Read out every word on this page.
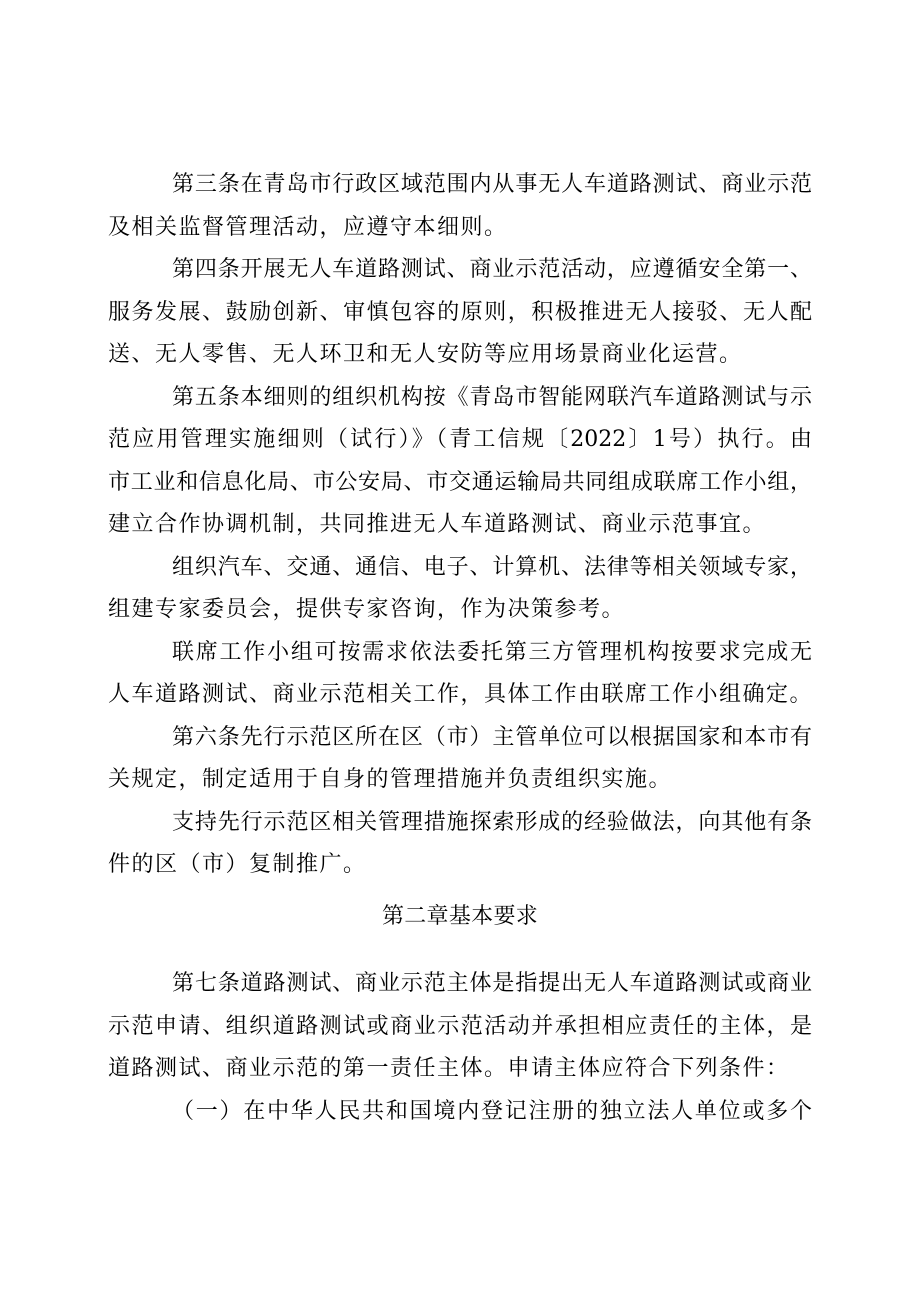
第三条在青岛市行政区域范围内从事无人车道路测试、商业示范
及相关监督管理活动，应遵守本细则。
第四条开展无人车道路测试、商业示范活动，应遵循安全第一、
服务发展、鼓励创新、审慎包容的原则，积极推进无人接驳、无人配
送、无人零售、无人环卫和无人安防等应用场景商业化运营。
第五条本细则的组织机构按《青岛市智能网联汽车道路测试与示
范应用管理实施细则（试行）》（青工信规〔2022〕1号）执行。由
市工业和信息化局、市公安局、市交通运输局共同组成联席工作小组，
建立合作协调机制，共同推进无人车道路测试、商业示范事宜。
组织汽车、交通、通信、电子、计算机、法律等相关领域专家，
组建专家委员会，提供专家咨询，作为决策参考。
联席工作小组可按需求依法委托第三方管理机构按要求完成无
人车道路测试、商业示范相关工作，具体工作由联席工作小组确定。
第六条先行示范区所在区（市）主管单位可以根据国家和本市有
关规定，制定适用于自身的管理措施并负责组织实施。
支持先行示范区相关管理措施探索形成的经验做法，向其他有条
件的区（市）复制推广。
第二章基本要求
第七条道路测试、商业示范主体是指提出无人车道路测试或商业
示范申请、组织道路测试或商业示范活动并承担相应责任的主体，是
道路测试、商业示范的第一责任主体。申请主体应符合下列条件：
（一）在中华人民共和国境内登记注册的独立法人单位或多个
